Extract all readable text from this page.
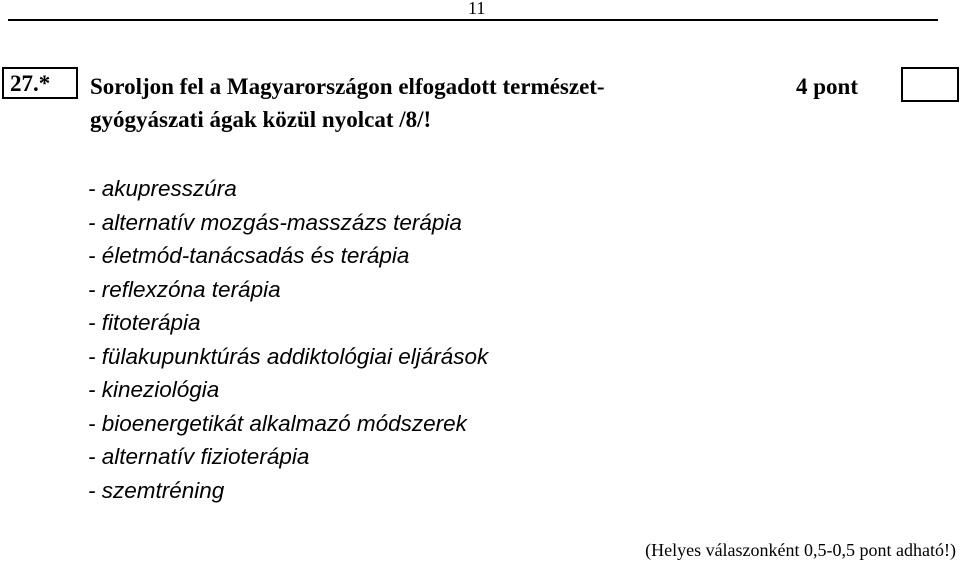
11
27.*	Soroljon fel a Magyarországon elfogadott természet-
gyógyászati ágak közül nyolcat /8/!
4 pont
- akupresszúra
- alternatív mozgás-masszázs terápia
- életmód-tanácsadás és terápia
- reflexzóna terápia
- fitoterápia
- fülakupunktúrás addiktológiai eljárások
- kineziológia
- bioenergetikát alkalmazó módszerek
- alternatív fizioterápia
- szemtréning
(Helyes válaszonként 0,5-0,5 pont adható!)
